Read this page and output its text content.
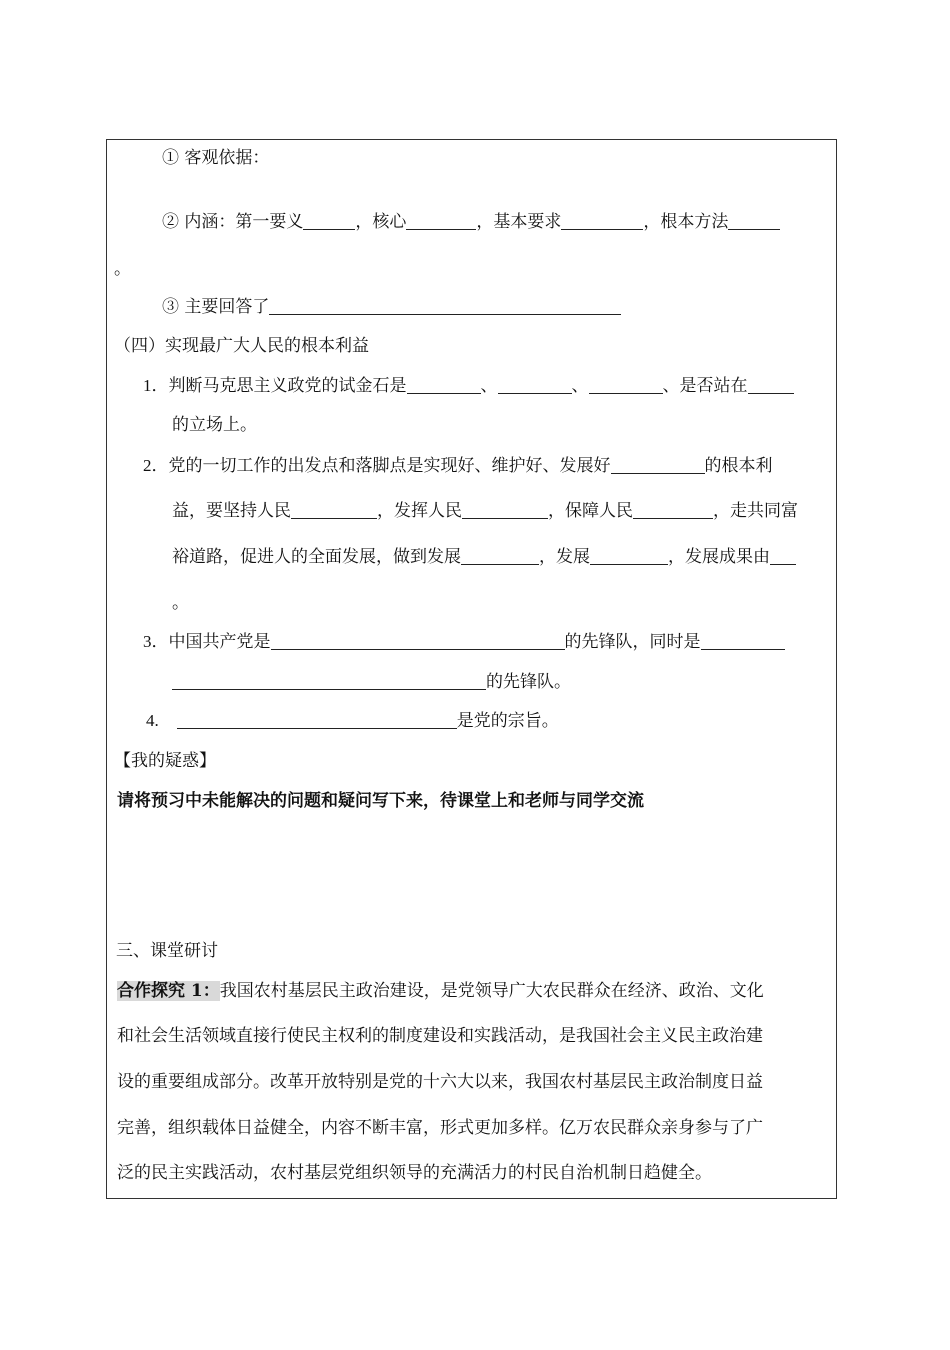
① 客观依据：
② 内涵：第一要义	，核心	，基本要求	，根本方法
。
③ 主要回答了
（四）实现最广大人民的根本利益
1．判断马克思主义政党的试金石是	、	、	、是否站在
的立场上。
2．党的一切工作的出发点和落脚点是实现好、维护好、发展好	的根本利
益，要坚持人民	，发挥人民	，保障人民	，走共同富
裕道路，促进人的全面发展，做到发展	，发展	，发展成果由
。
3．中国共产党是	的先锋队，同时是
的先锋队。
4.	是党的宗旨。
【我的疑惑】
请将预习中未能解决的问题和疑问写下来，待课堂上和老师与同学交流
三、课堂研讨
合作探究 1：我国农村基层民主政治建设，是党领导广大农民群众在经济、政治、文化
和社会生活领域直接行使民主权利的制度建设和实践活动，是我国社会主义民主政治建
设的重要组成部分。改革开放特别是党的十六大以来，我国农村基层民主政治制度日益
完善，组织载体日益健全，内容不断丰富，形式更加多样。亿万农民群众亲身参与了广
泛的民主实践活动，农村基层党组织领导的充满活力的村民自治机制日趋健全。
